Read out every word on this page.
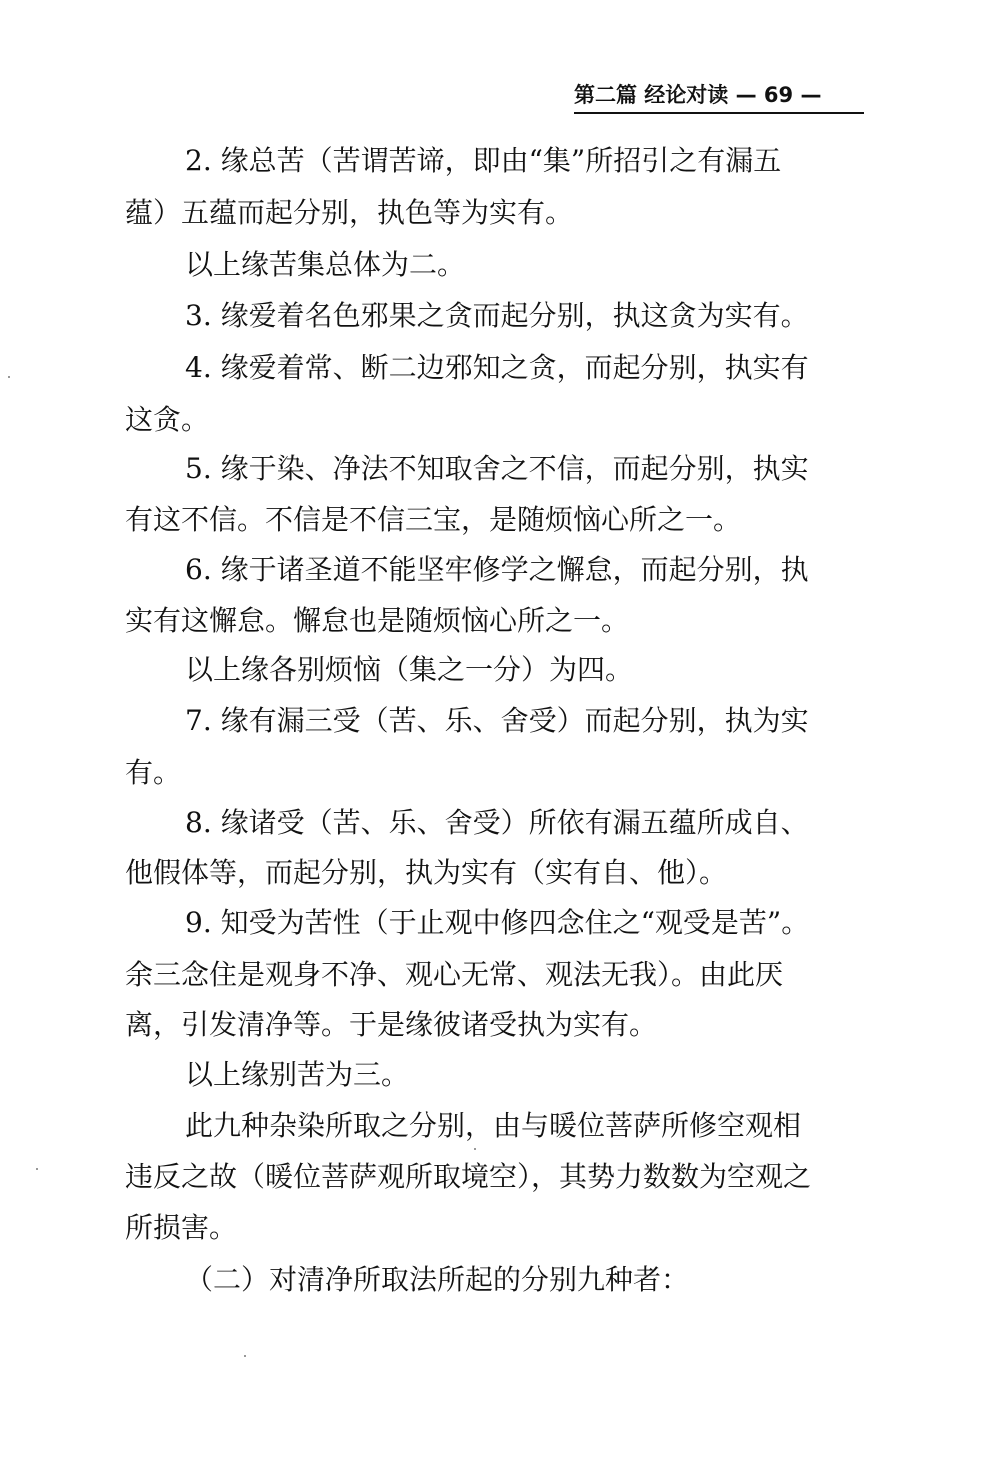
第二篇 经论对读 — 69 —
2. 缘总苦（苦谓苦谛，即由“集”所招引之有漏五
蕴）五蕴而起分别，执色等为实有。
以上缘苦集总体为二。
3. 缘爱着名色邪果之贪而起分别，执这贪为实有。
4. 缘爱着常、断二边邪知之贪，而起分别，执实有
这贪。
5. 缘于染、净法不知取舍之不信，而起分别，执实
有这不信。不信是不信三宝，是随烦恼心所之一。
6. 缘于诸圣道不能坚牢修学之懈怠，而起分别，执
实有这懈怠。懈怠也是随烦恼心所之一。
以上缘各别烦恼（集之一分）为四。
7. 缘有漏三受（苦、乐、舍受）而起分别，执为实
有。
8. 缘诸受（苦、乐、舍受）所依有漏五蕴所成自、
他假体等，而起分别，执为实有（实有自、他）。
9. 知受为苦性（于止观中修四念住之“观受是苦”。
余三念住是观身不净、观心无常、观法无我）。由此厌
离，引发清净等。于是缘彼诸受执为实有。
以上缘别苦为三。
此九种杂染所取之分别，由与暖位菩萨所修空观相
违反之故（暖位菩萨观所取境空），其势力数数为空观之
所损害。
（二）对清净所取法所起的分别九种者：
